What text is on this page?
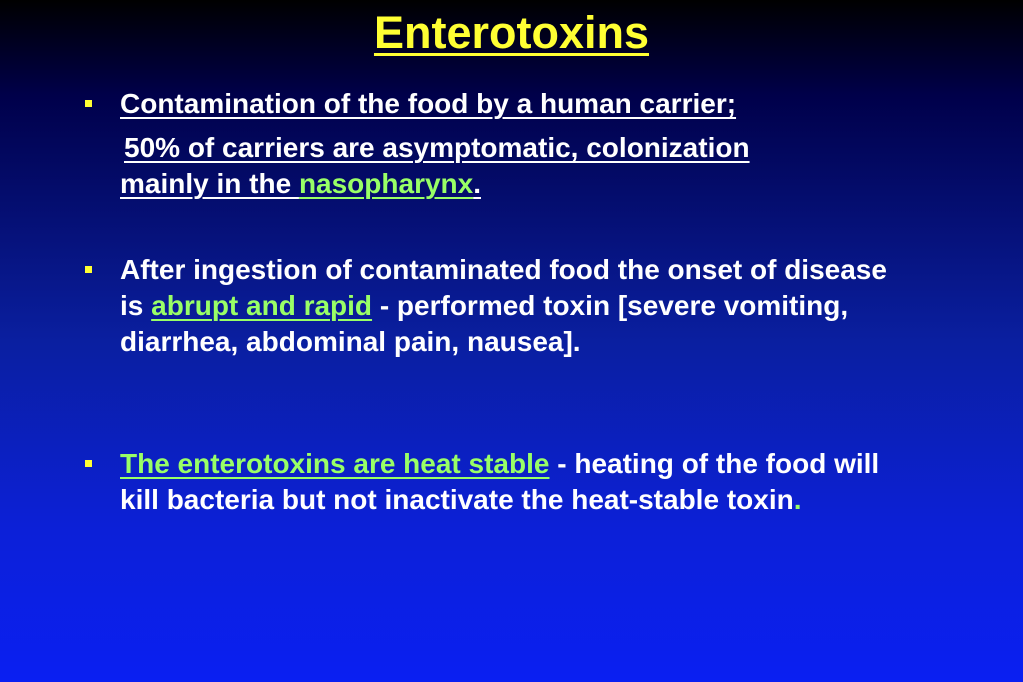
Enterotoxins
Contamination of the food by a human carrier;
50% of carriers are asymptomatic, colonization
mainly in the nasopharynx.
After ingestion of contaminated food the onset of disease is abrupt and rapid - performed toxin [severe vomiting, diarrhea, abdominal pain, nausea].
The enterotoxins are heat stable - heating of the food will kill bacteria but not inactivate the heat-stable toxin.
